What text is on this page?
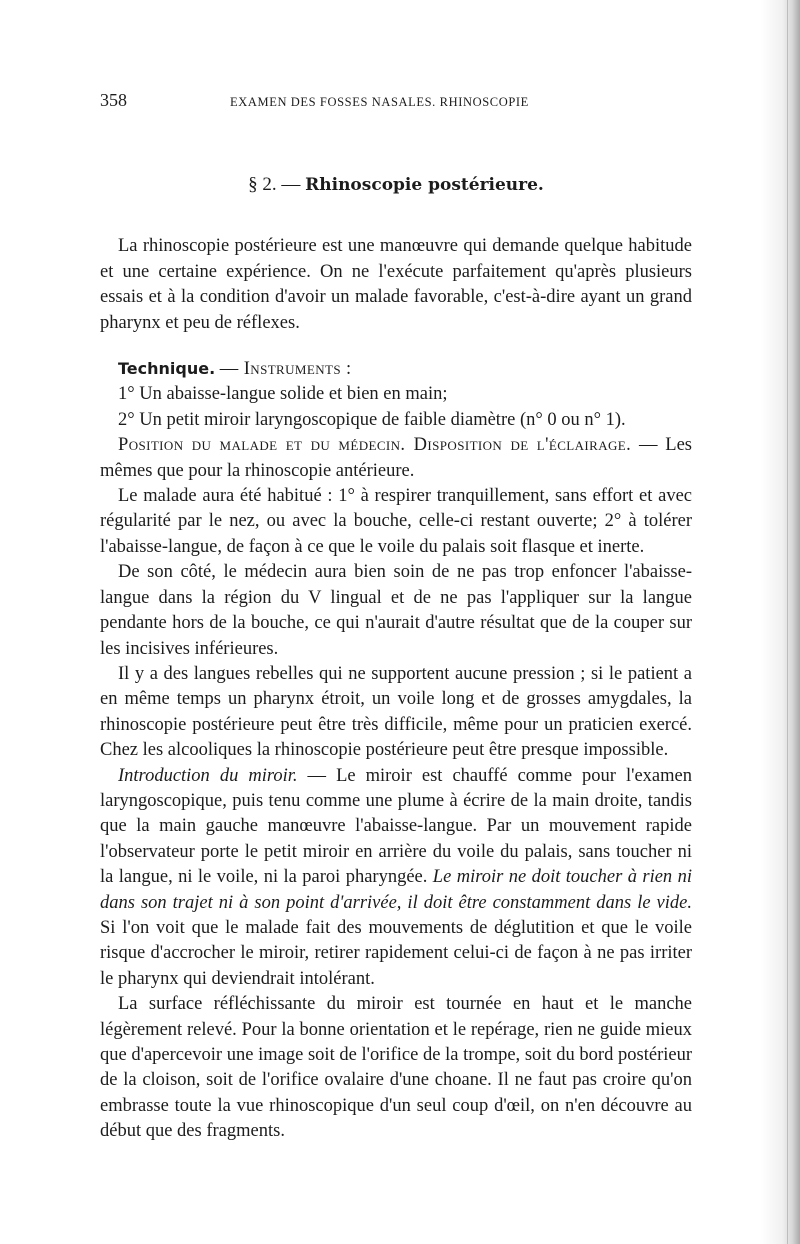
358	EXAMEN DES FOSSES NASALES. RHINOSCOPIE
§ 2. — Rhinoscopie postérieure.

La rhinoscopie postérieure est une manœuvre qui demande quelque habitude et une certaine expérience. On ne l'exécute parfaitement qu'après plusieurs essais et à la condition d'avoir un malade favorable, c'est-à-dire ayant un grand pharynx et peu de réflexes.

Technique. — Instruments :

1° Un abaisse-langue solide et bien en main;

2° Un petit miroir laryngoscopique de faible diamètre (n° 0 ou n° 1).

Position du malade et du médecin. Disposition de l'éclairage. — Les mêmes que pour la rhinoscopie antérieure.

Le malade aura été habitué : 1° à respirer tranquillement, sans effort et avec régularité par le nez, ou avec la bouche, celle-ci restant ouverte; 2° à tolérer l'abaisse-langue, de façon à ce que le voile du palais soit flasque et inerte.

De son côté, le médecin aura bien soin de ne pas trop enfoncer l'abaisse-langue dans la région du V lingual et de ne pas l'appliquer sur la langue pendante hors de la bouche, ce qui n'aurait d'autre résultat que de la couper sur les incisives inférieures.

Il y a des langues rebelles qui ne supportent aucune pression ; si le patient a en même temps un pharynx étroit, un voile long et de grosses amygdales, la rhinoscopie postérieure peut être très difficile, même pour un praticien exercé. Chez les alcooliques la rhinoscopie postérieure peut être presque impossible.

Introduction du miroir. — Le miroir est chauffé comme pour l'examen laryngoscopique, puis tenu comme une plume à écrire de la main droite, tandis que la main gauche manœuvre l'abaisse-langue. Par un mouvement rapide l'observateur porte le petit miroir en arrière du voile du palais, sans toucher ni la langue, ni le voile, ni la paroi pharyngée. Le miroir ne doit toucher à rien ni dans son trajet ni à son point d'arrivée, il doit être constamment dans le vide. Si l'on voit que le malade fait des mouvements de déglutition et que le voile risque d'accrocher le miroir, retirer rapidement celui-ci de façon à ne pas irriter le pharynx qui deviendrait intolérant.

La surface réfléchissante du miroir est tournée en haut et le manche légèrement relevé. Pour la bonne orientation et le repérage, rien ne guide mieux que d'apercevoir une image soit de l'orifice de la trompe, soit du bord postérieur de la cloison, soit de l'orifice ovalaire d'une choane. Il ne faut pas croire qu'on embrasse toute la vue rhinoscopique d'un seul coup d'œil, on n'en découvre au début que des fragments.
